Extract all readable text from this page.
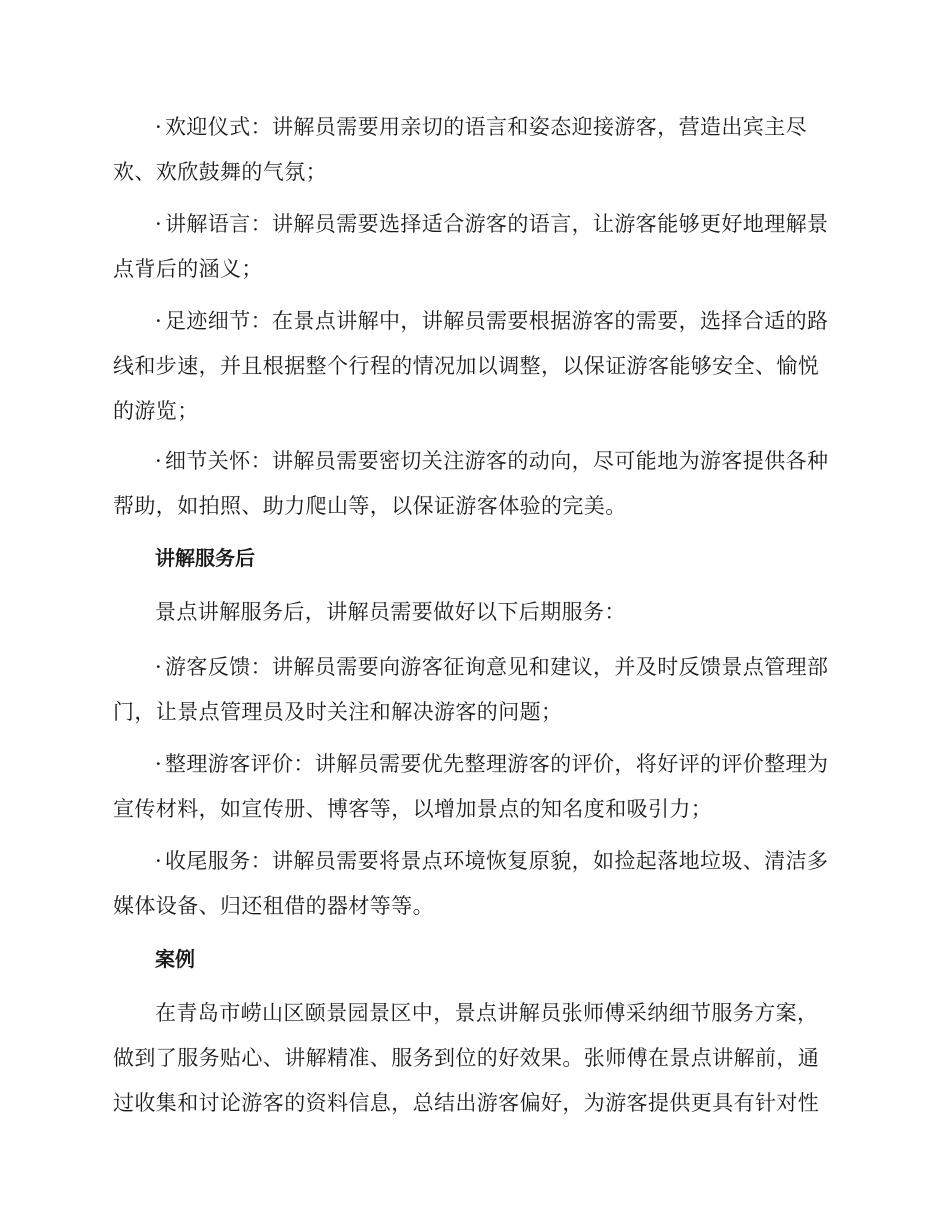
· 欢迎仪式：讲解员需要用亲切的语言和姿态迎接游客，营造出宾主尽欢、欢欣鼓舞的气氛；

· 讲解语言：讲解员需要选择适合游客的语言，让游客能够更好地理解景点背后的涵义；

· 足迹细节：在景点讲解中，讲解员需要根据游客的需要，选择合适的路线和步速，并且根据整个行程的情况加以调整，以保证游客能够安全、愉悦的游览；

· 细节关怀：讲解员需要密切关注游客的动向，尽可能地为游客提供各种帮助，如拍照、助力爬山等，以保证游客体验的完美。

讲解服务后

景点讲解服务后，讲解员需要做好以下后期服务：

· 游客反馈：讲解员需要向游客征询意见和建议，并及时反馈景点管理部门，让景点管理员及时关注和解决游客的问题；

· 整理游客评价：讲解员需要优先整理游客的评价，将好评的评价整理为宣传材料，如宣传册、博客等，以增加景点的知名度和吸引力；

· 收尾服务：讲解员需要将景点环境恢复原貌，如捡起落地垃圾、清洁多媒体设备、归还租借的器材等等。

案例

在青岛市崂山区颐景园景区中，景点讲解员张师傅采纳细节服务方案，做到了服务贴心、讲解精准、服务到位的好效果。张师傅在景点讲解前，通过收集和讨论游客的资料信息，总结出游客偏好，为游客提供更具有针对性
